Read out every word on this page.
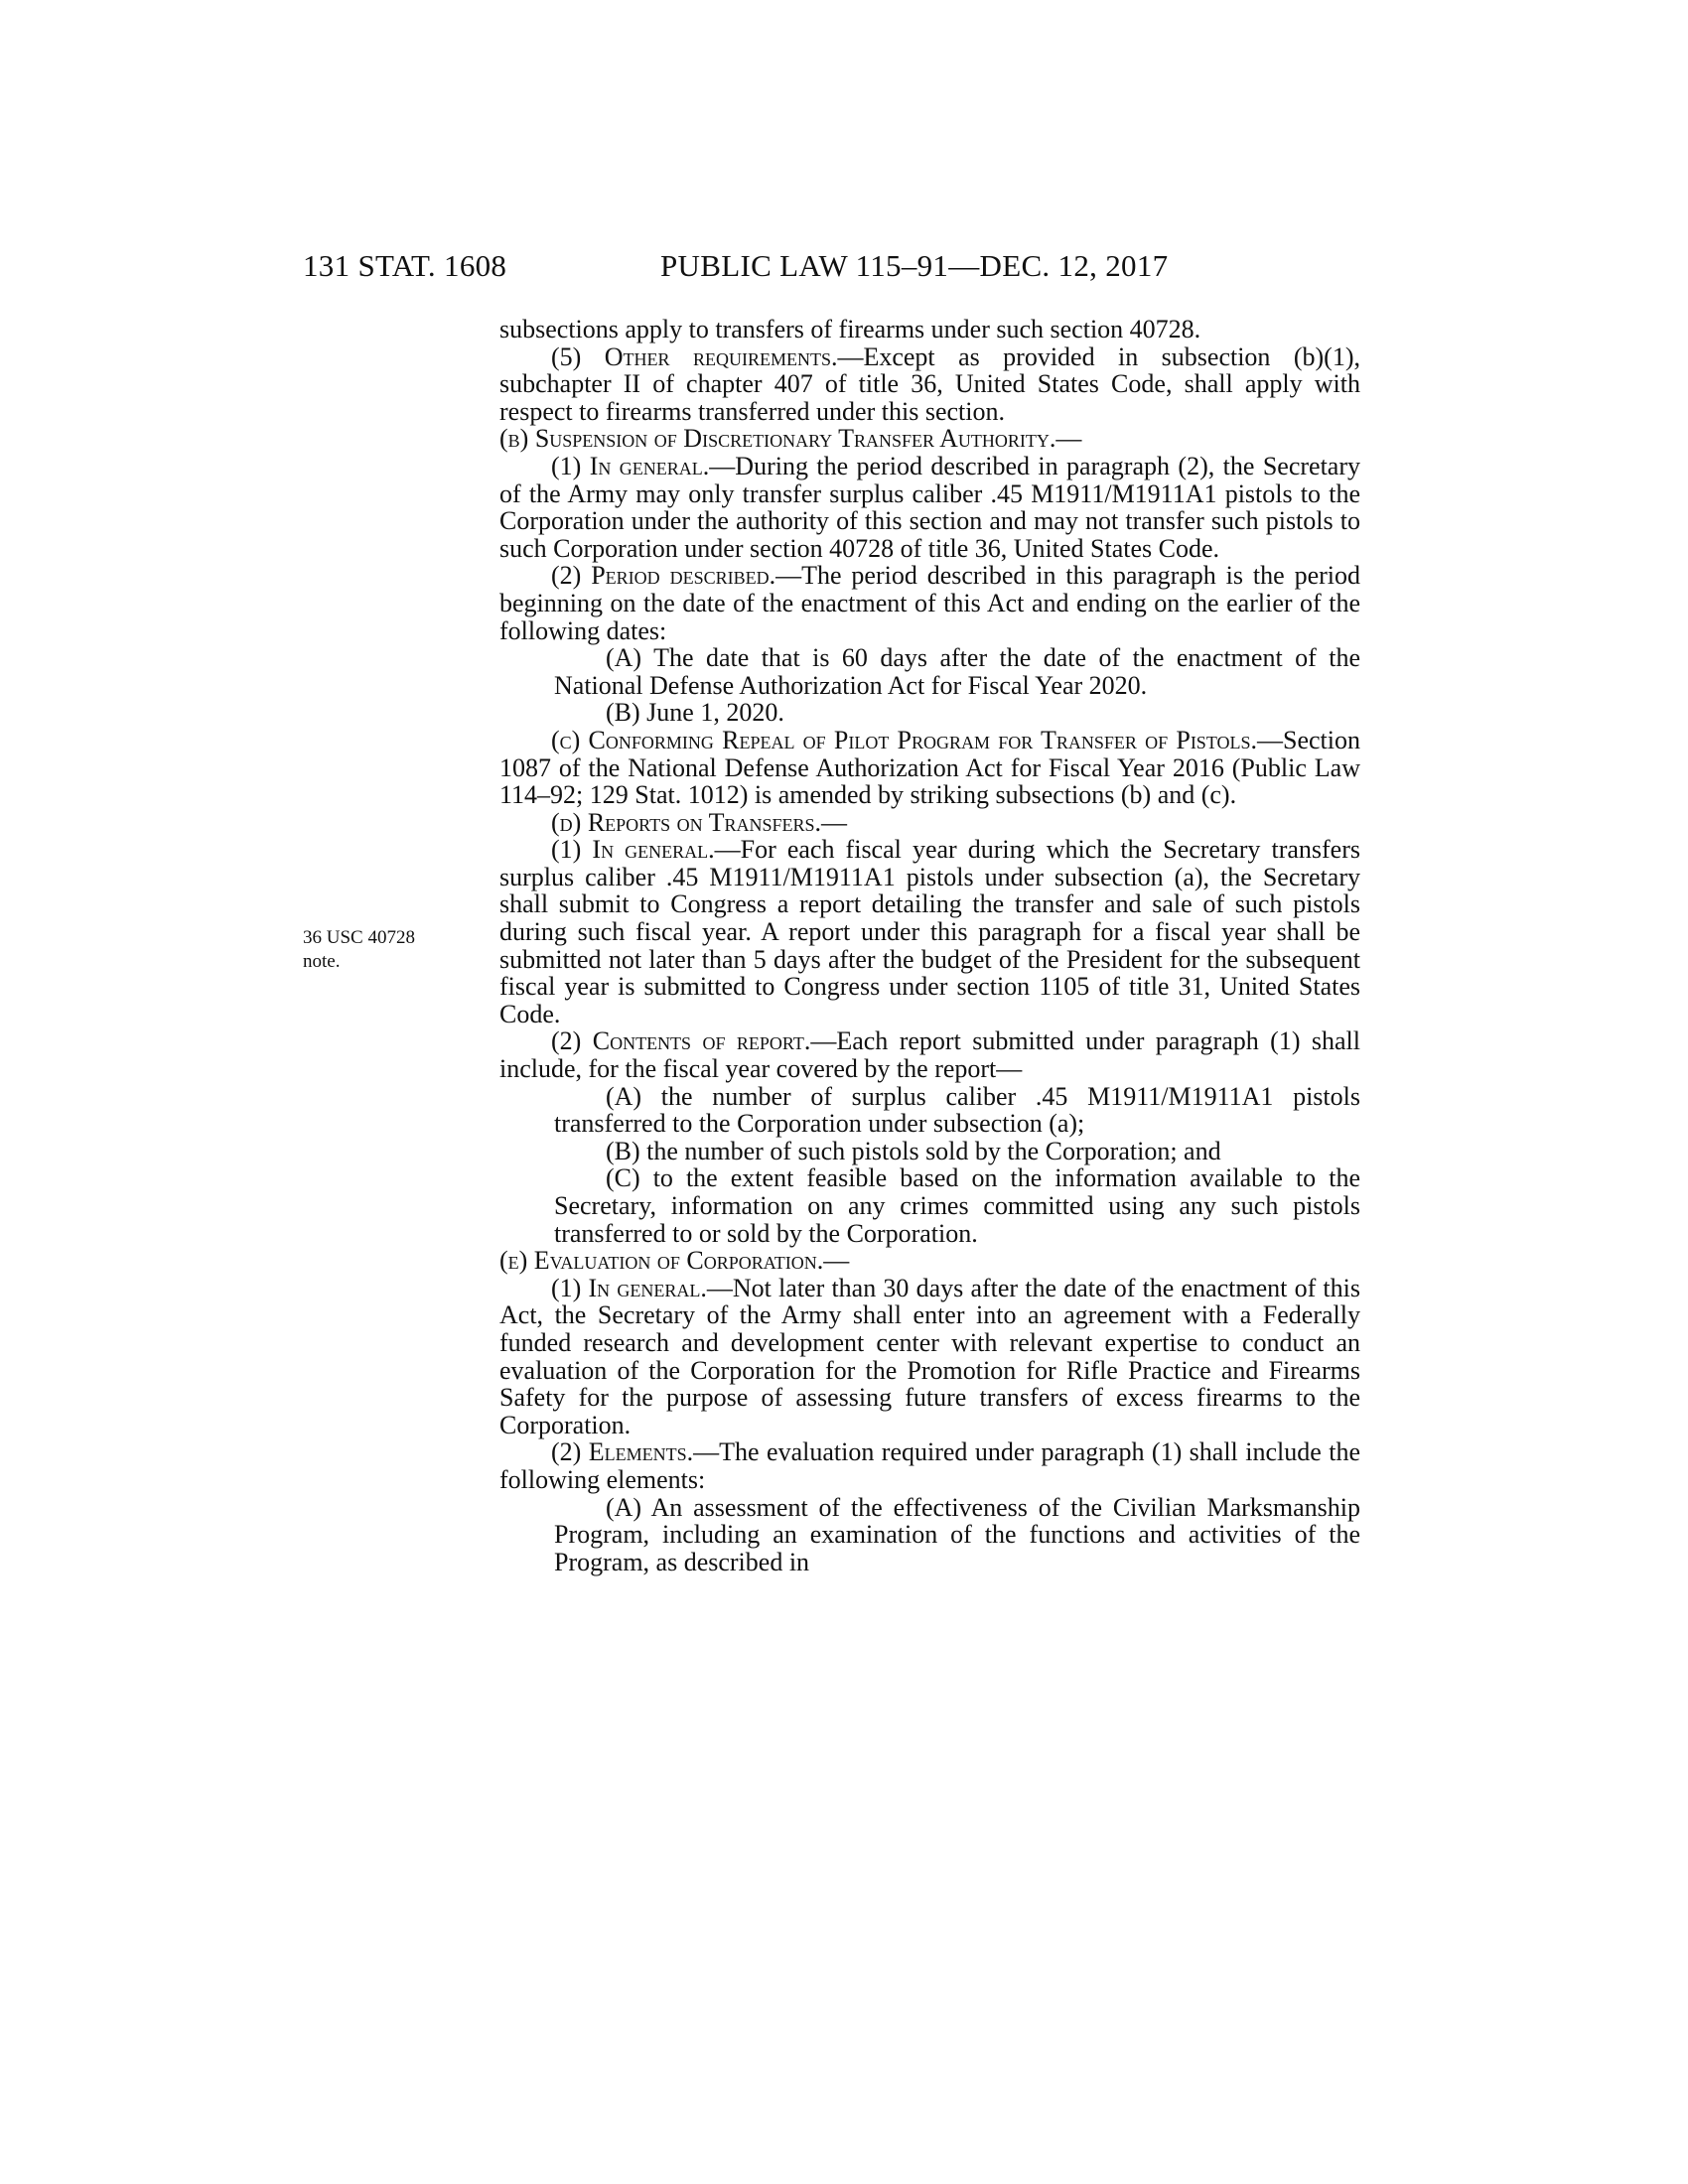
131 STAT. 1608	PUBLIC LAW 115–91—DEC. 12, 2017
36 USC 40728
note.

subsections apply to transfers of firearms under such section 40728.

(5) Other requirements.—Except as provided in subsection (b)(1), subchapter II of chapter 407 of title 36, United States Code, shall apply with respect to firearms transferred under this section.

(b) Suspension of Discretionary Transfer Authority.—

(1) In general.—During the period described in paragraph (2), the Secretary of the Army may only transfer surplus caliber .45 M1911/M1911A1 pistols to the Corporation under the authority of this section and may not transfer such pistols to such Corporation under section 40728 of title 36, United States Code.

(2) Period described.—The period described in this paragraph is the period beginning on the date of the enactment of this Act and ending on the earlier of the following dates:

(A) The date that is 60 days after the date of the enactment of the National Defense Authorization Act for Fiscal Year 2020.

(B) June 1, 2020.

(c) Conforming Repeal of Pilot Program for Transfer of Pistols.—Section 1087 of the National Defense Authorization Act for Fiscal Year 2016 (Public Law 114–92; 129 Stat. 1012) is amended by striking subsections (b) and (c).

(d) Reports on Transfers.—

(1) In general.—For each fiscal year during which the Secretary transfers surplus caliber .45 M1911/M1911A1 pistols under subsection (a), the Secretary shall submit to Congress a report detailing the transfer and sale of such pistols during such fiscal year. A report under this paragraph for a fiscal year shall be submitted not later than 5 days after the budget of the President for the subsequent fiscal year is submitted to Congress under section 1105 of title 31, United States Code.

(2) Contents of report.—Each report submitted under paragraph (1) shall include, for the fiscal year covered by the report—

(A) the number of surplus caliber .45 M1911/M1911A1 pistols transferred to the Corporation under subsection (a);

(B) the number of such pistols sold by the Corporation; and

(C) to the extent feasible based on the information available to the Secretary, information on any crimes committed using any such pistols transferred to or sold by the Corporation.

(e) Evaluation of Corporation.—

(1) In general.—Not later than 30 days after the date of the enactment of this Act, the Secretary of the Army shall enter into an agreement with a Federally funded research and development center with relevant expertise to conduct an evaluation of the Corporation for the Promotion for Rifle Practice and Firearms Safety for the purpose of assessing future transfers of excess firearms to the Corporation.

(2) Elements.—The evaluation required under paragraph (1) shall include the following elements:

(A) An assessment of the effectiveness of the Civilian Marksmanship Program, including an examination of the functions and activities of the Program, as described in
